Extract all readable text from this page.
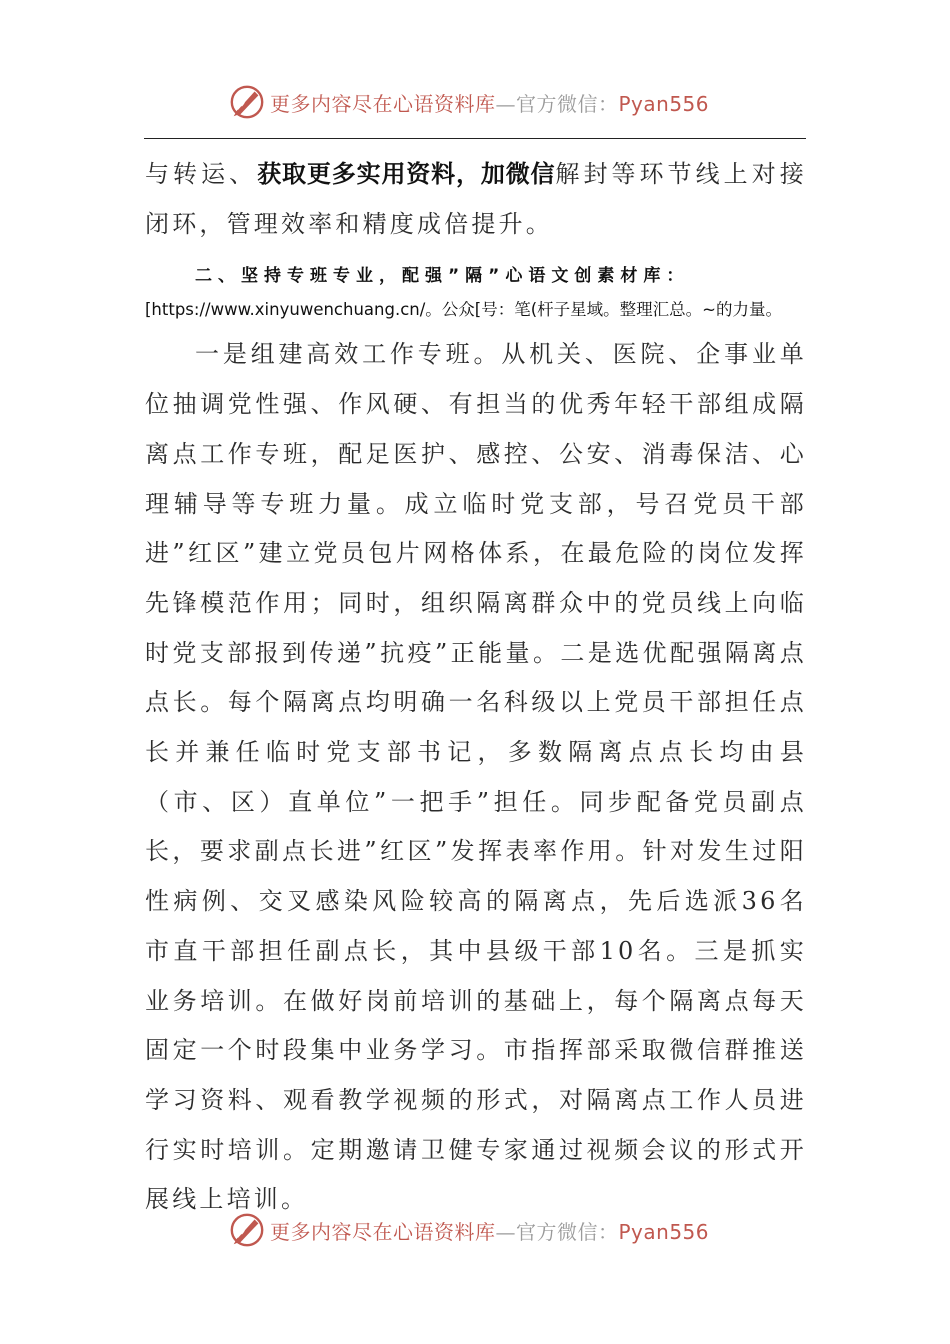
更多内容尽在心语资料库—官方微信：Pyan556

与转运、获取更多实用资料，加微信解封等环节线上对接闭环，管理效率和精度成倍提升。

二、坚持专班专业，配强”隔”心语文创素材库：[https://www.xinyuwenchuang.cn/。公众[号：笔(杆子星域。整理汇总。~的力量。

一是组建高效工作专班。从机关、医院、企事业单位抽调党性强、作风硬、有担当的优秀年轻干部组成隔离点工作专班，配足医护、感控、公安、消毒保洁、心理辅导等专班力量。成立临时党支部，号召党员干部进”红区”建立党员包片网格体系，在最危险的岗位发挥先锋模范作用；同时，组织隔离群众中的党员线上向临时党支部报到传递”抗疫”正能量。二是选优配强隔离点点长。每个隔离点均明确一名科级以上党员干部担任点长并兼任临时党支部书记，多数隔离点点长均由县（市、区）直单位”一把手”担任。同步配备党员副点长，要求副点长进”红区”发挥表率作用。针对发生过阳性病例、交叉感染风险较高的隔离点，先后选派36名市直干部担任副点长，其中县级干部10名。三是抓实业务培训。在做好岗前培训的基础上，每个隔离点每天固定一个时段集中业务学习。市指挥部采取微信群推送学习资料、观看教学视频的形式，对隔离点工作人员进行实时培训。定期邀请卫健专家通过视频会议的形式开展线上培训。

更多内容尽在心语资料库—官方微信：Pyan556
